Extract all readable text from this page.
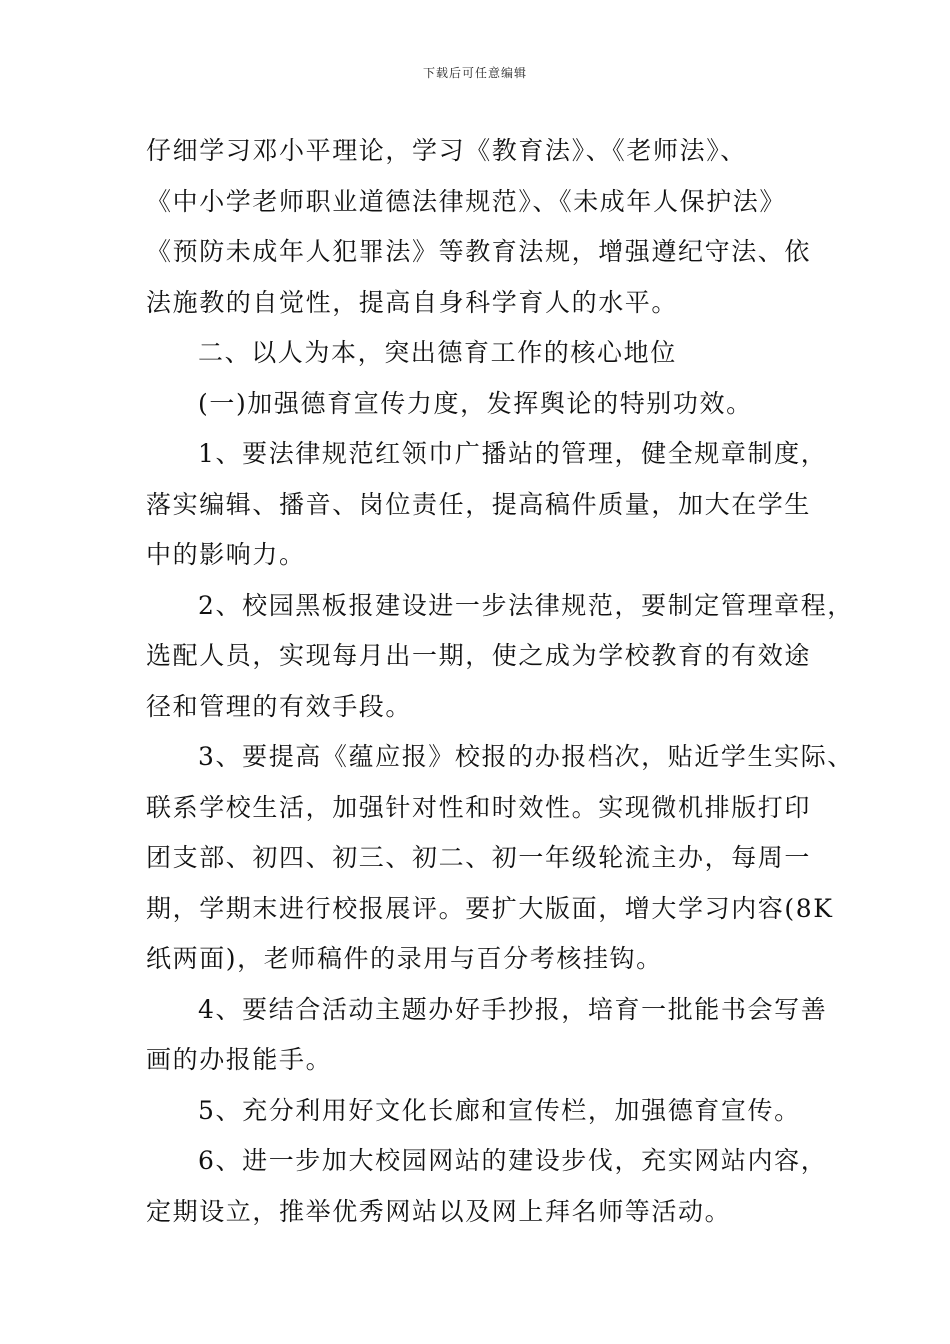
下载后可任意编辑
仔细学习邓小平理论，学习《教育法》、《老师法》、
《中小学老师职业道德法律规范》、《未成年人保护法》
《预防未成年人犯罪法》等教育法规，增强遵纪守法、依
法施教的自觉性，提高自身科学育人的水平。
二、以人为本，突出德育工作的核心地位
(一)加强德育宣传力度，发挥舆论的特别功效。
1、要法律规范红领巾广播站的管理，健全规章制度，
落实编辑、播音、岗位责任，提高稿件质量，加大在学生
中的影响力。
2、校园黑板报建设进一步法律规范，要制定管理章程，
选配人员，实现每月出一期，使之成为学校教育的有效途
径和管理的有效手段。
3、要提高《蕴应报》校报的办报档次，贴近学生实际、
联系学校生活，加强针对性和时效性。实现微机排版打印
团支部、初四、初三、初二、初一年级轮流主办，每周一
期，学期末进行校报展评。要扩大版面，增大学习内容(8K
纸两面)，老师稿件的录用与百分考核挂钩。
4、要结合活动主题办好手抄报，培育一批能书会写善
画的办报能手。
5、充分利用好文化长廊和宣传栏，加强德育宣传。
6、进一步加大校园网站的建设步伐，充实网站内容，
定期设立，推举优秀网站以及网上拜名师等活动。
